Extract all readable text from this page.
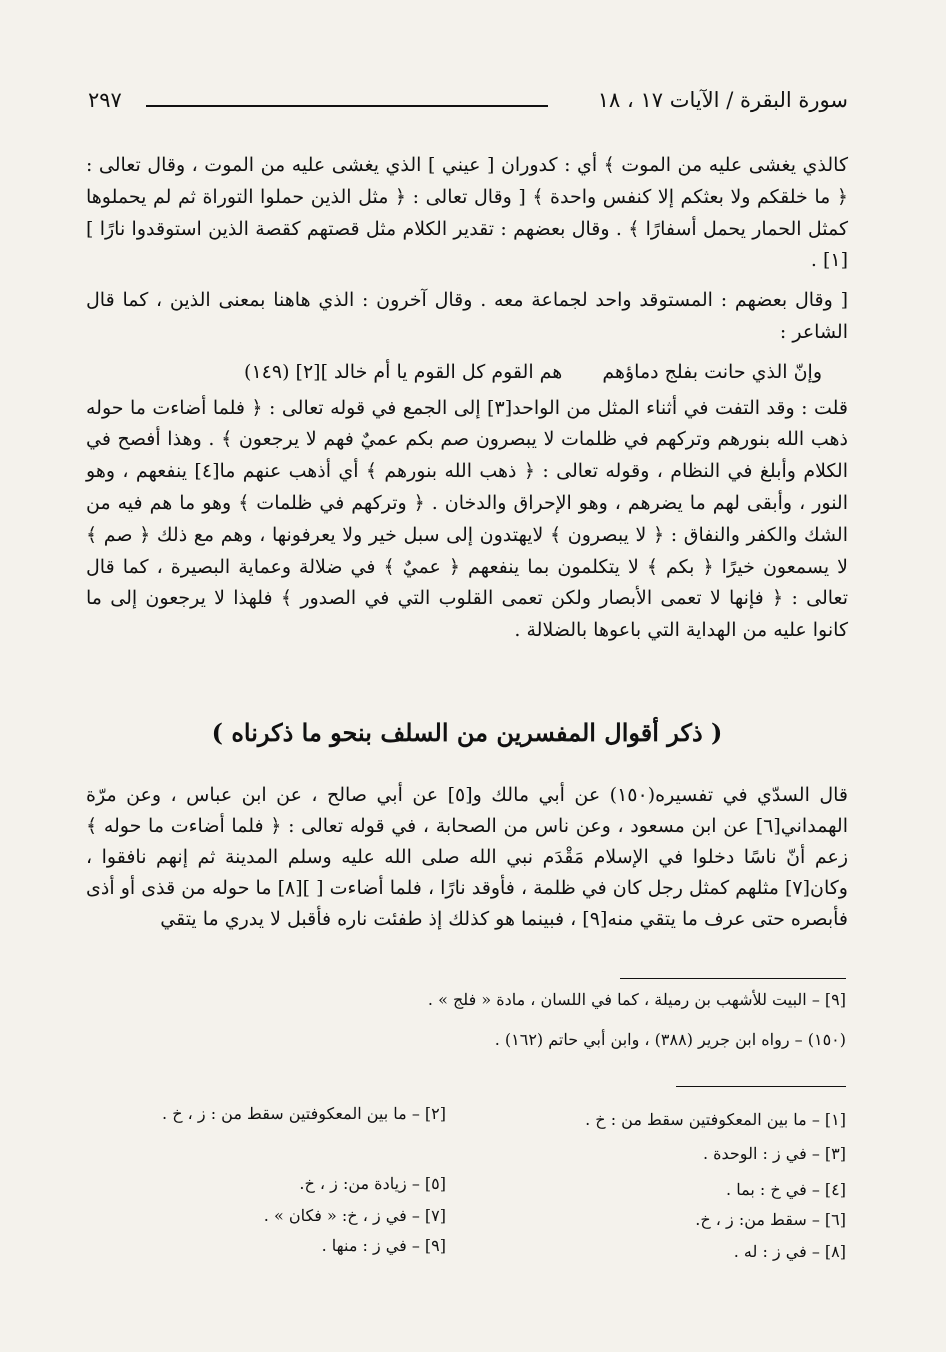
سورة البقرة / الآيات ١٧ ، ١٨
٢٩٧

كالذي يغشى عليه من الموت ﴾ أي : كدوران [ عيني ] الذي يغشى عليه من الموت ، وقال تعالى : ﴿ ما خلقكم ولا بعثكم إلا كنفس واحدة ﴾ [ وقال تعالى : ﴿ مثل الذين حملوا التوراة ثم لم يحملوها كمثل الحمار يحمل أسفارًا ﴾ . وقال بعضهم : تقدير الكلام مثل قصتهم كقصة الذين استوقدوا نارًا ][١] .

[ وقال بعضهم : المستوقد واحد لجماعة معه . وقال آخرون : الذي هاهنا بمعنى الذين ، كما قال الشاعر :

وإنّ الذي حانت بفلج دماؤهم
هم القوم كل القوم يا أم خالد ][٢] (١٤٩)

قلت : وقد التفت في أثناء المثل من الواحد[٣] إلى الجمع في قوله تعالى : ﴿ فلما أضاءت ما حوله ذهب الله بنورهم وتركهم في ظلمات لا يبصرون صم بكم عميٌ فهم لا يرجعون ﴾ . وهذا أفصح في الكلام وأبلغ في النظام ، وقوله تعالى : ﴿ ذهب الله بنورهم ﴾ أي أذهب عنهم ما[٤] ينفعهم ، وهو النور ، وأبقى لهم ما يضرهم ، وهو الإحراق والدخان . ﴿ وتركهم في ظلمات ﴾ وهو ما هم فيه من الشك والكفر والنفاق : ﴿ لا يبصرون ﴾ لايهتدون إلى سبل خير ولا يعرفونها ، وهم مع ذلك ﴿ صم ﴾ لا يسمعون خيرًا ﴿ بكم ﴾ لا يتكلمون بما ينفعهم ﴿ عميٌ ﴾ في ضلالة وعماية البصيرة ، كما قال تعالى : ﴿ فإنها لا تعمى الأبصار ولكن تعمى القلوب التي في الصدور ﴾ فلهذا لا يرجعون إلى ما كانوا عليه من الهداية التي باعوها بالضلالة .

( ذكر أقوال المفسرين من السلف بنحو ما ذكرناه )

قال السدّي في تفسيره(١٥٠) عن أبي مالك و[٥] عن أبي صالح ، عن ابن عباس ، وعن مرّة الهمداني[٦] عن ابن مسعود ، وعن ناس من الصحابة ، في قوله تعالى : ﴿ فلما أضاءت ما حوله ﴾ زعم أنّ ناسًا دخلوا في الإسلام مَقْدَم نبي الله صلى الله عليه وسلم المدينة ثم إنهم نافقوا ، وكان[٧] مثلهم كمثل رجل كان في ظلمة ، فأوقد نارًا ، فلما أضاءت [ ][٨] ما حوله من قذى أو أذى فأبصره حتى عرف ما يتقي منه[٩] ، فبينما هو كذلك إذ طفئت ناره فأقبل لا يدري ما يتقي

[٩] – البيت للأشهب بن رميلة ، كما في اللسان ، مادة « فلج » .
(١٥٠) – رواه ابن جرير (٣٨٨) ، وابن أبي حاتم (١٦٢) .
[١] – ما بين المعكوفتين سقط من : خ .
[٢] – ما بين المعكوفتين سقط من : ز ، خ .
[٣] – في ز : الوحدة .
[٤] – في خ : بما .
[٥] – زيادة من: ز ، خ.
[٦] – سقط من: ز ، خ.
[٧] – في ز ، خ: « فكان » .
[٨] – في ز : له .
[٩] – في ز : منها .
